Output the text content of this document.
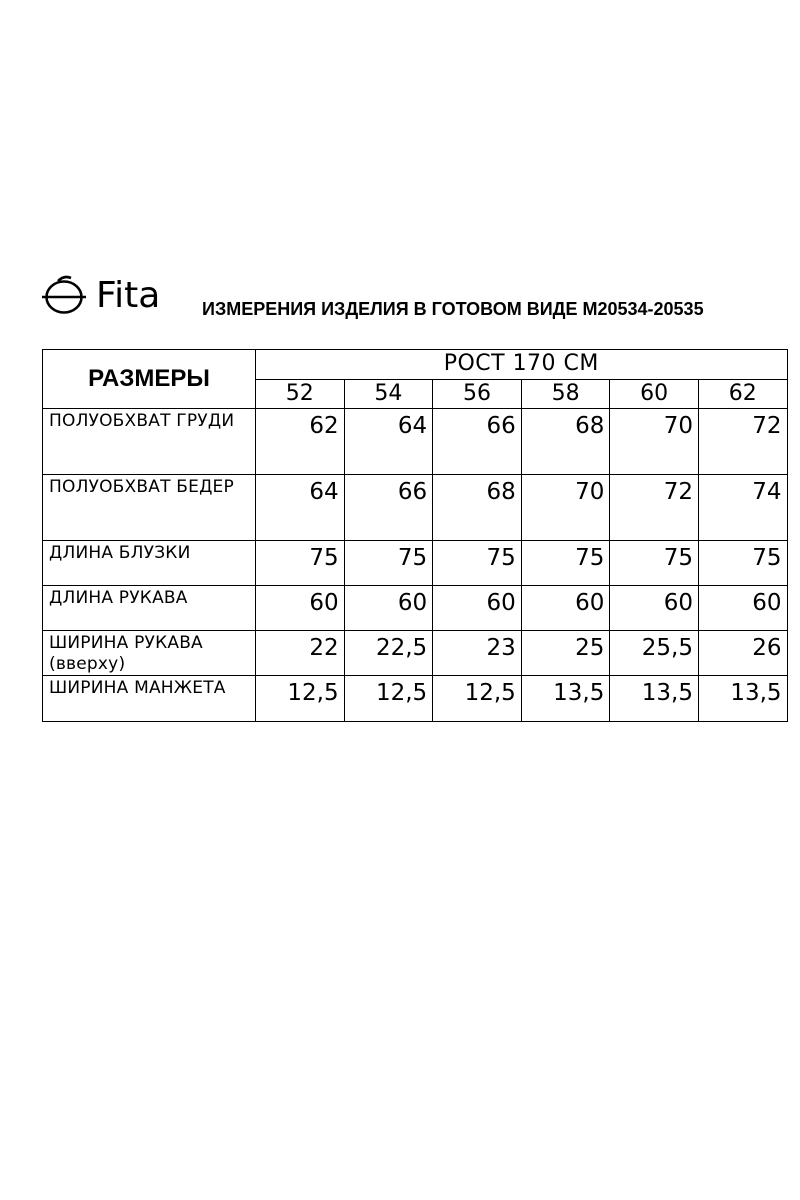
Fita ИЗМЕРЕНИЯ ИЗДЕЛИЯ В ГОТОВОМ ВИДЕ М20534-20535
РАЗМЕРЫ	РОСТ 170 СМ					
	52	54	56	58	60	62
ПОЛУОБХВАТ ГРУДИ	62	64	66	68	70	72
ПОЛУОБХВАТ БЕДЕР	64	66	68	70	72	74
ДЛИНА БЛУЗКИ	75	75	75	75	75	75
ДЛИНА РУКАВА	60	60	60	60	60	60
ШИРИНА РУКАВА (вверху)	22	22,5	23	25	25,5	26
ШИРИНА МАНЖЕТА	12,5	12,5	12,5	13,5	13,5	13,5
